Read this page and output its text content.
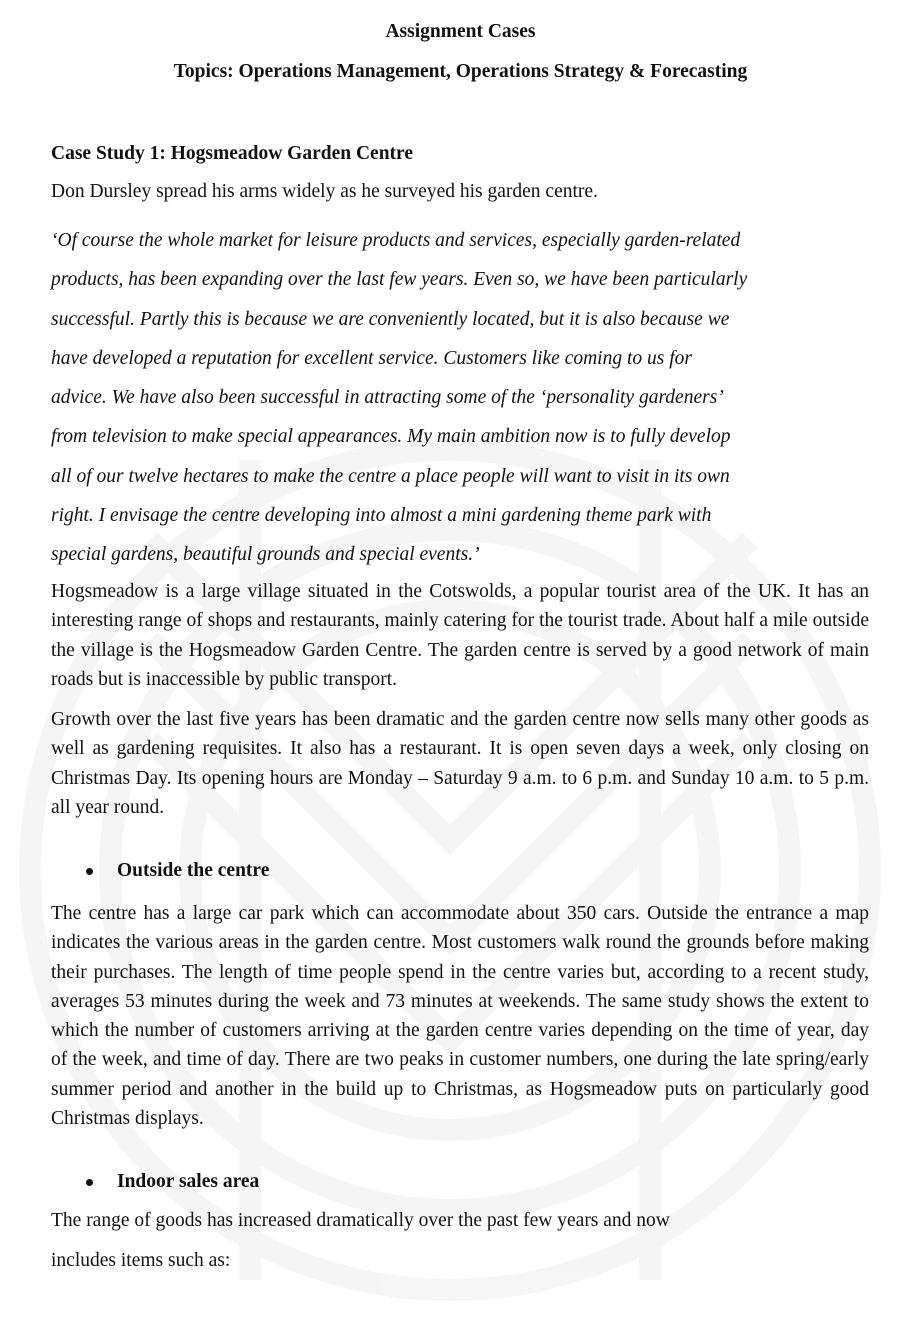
Assignment Cases

Topics: Operations Management, Operations Strategy & Forecasting

Case Study 1: Hogsmeadow Garden Centre

Don Dursley spread his arms widely as he surveyed his garden centre.

‘Of course the whole market for leisure products and services, especially garden-related
products, has been expanding over the last few years. Even so, we have been particularly
successful. Partly this is because we are conveniently located, but it is also because we
have developed a reputation for excellent service. Customers like coming to us for
advice. We have also been successful in attracting some of the ‘personality gardeners’
from television to make special appearances. My main ambition now is to fully develop
all of our twelve hectares to make the centre a place people will want to visit in its own
right. I envisage the centre developing into almost a mini gardening theme park with
special gardens, beautiful grounds and special events.’

Hogsmeadow is a large village situated in the Cotswolds, a popular tourist area of the UK. It has an interesting range of shops and restaurants, mainly catering for the tourist trade. About half a mile outside the village is the Hogsmeadow Garden Centre. The garden centre is served by a good network of main roads but is inaccessible by public transport.

Growth over the last five years has been dramatic and the garden centre now sells many other goods as well as gardening requisites. It also has a restaurant. It is open seven days a week, only closing on Christmas Day. Its opening hours are Monday – Saturday 9 a.m. to 6 p.m. and Sunday 10 a.m. to 5 p.m. all year round.

Outside the centre

The centre has a large car park which can accommodate about 350 cars. Outside the entrance a map indicates the various areas in the garden centre. Most customers walk round the grounds before making their purchases. The length of time people spend in the centre varies but, according to a recent study, averages 53 minutes during the week and 73 minutes at weekends. The same study shows the extent to which the number of customers arriving at the garden centre varies depending on the time of year, day of the week, and time of day. There are two peaks in customer numbers, one during the late spring/early summer period and another in the build up to Christmas, as Hogsmeadow puts on particularly good Christmas displays.

Indoor sales area

The range of goods has increased dramatically over the past few years and now

includes items such as:
